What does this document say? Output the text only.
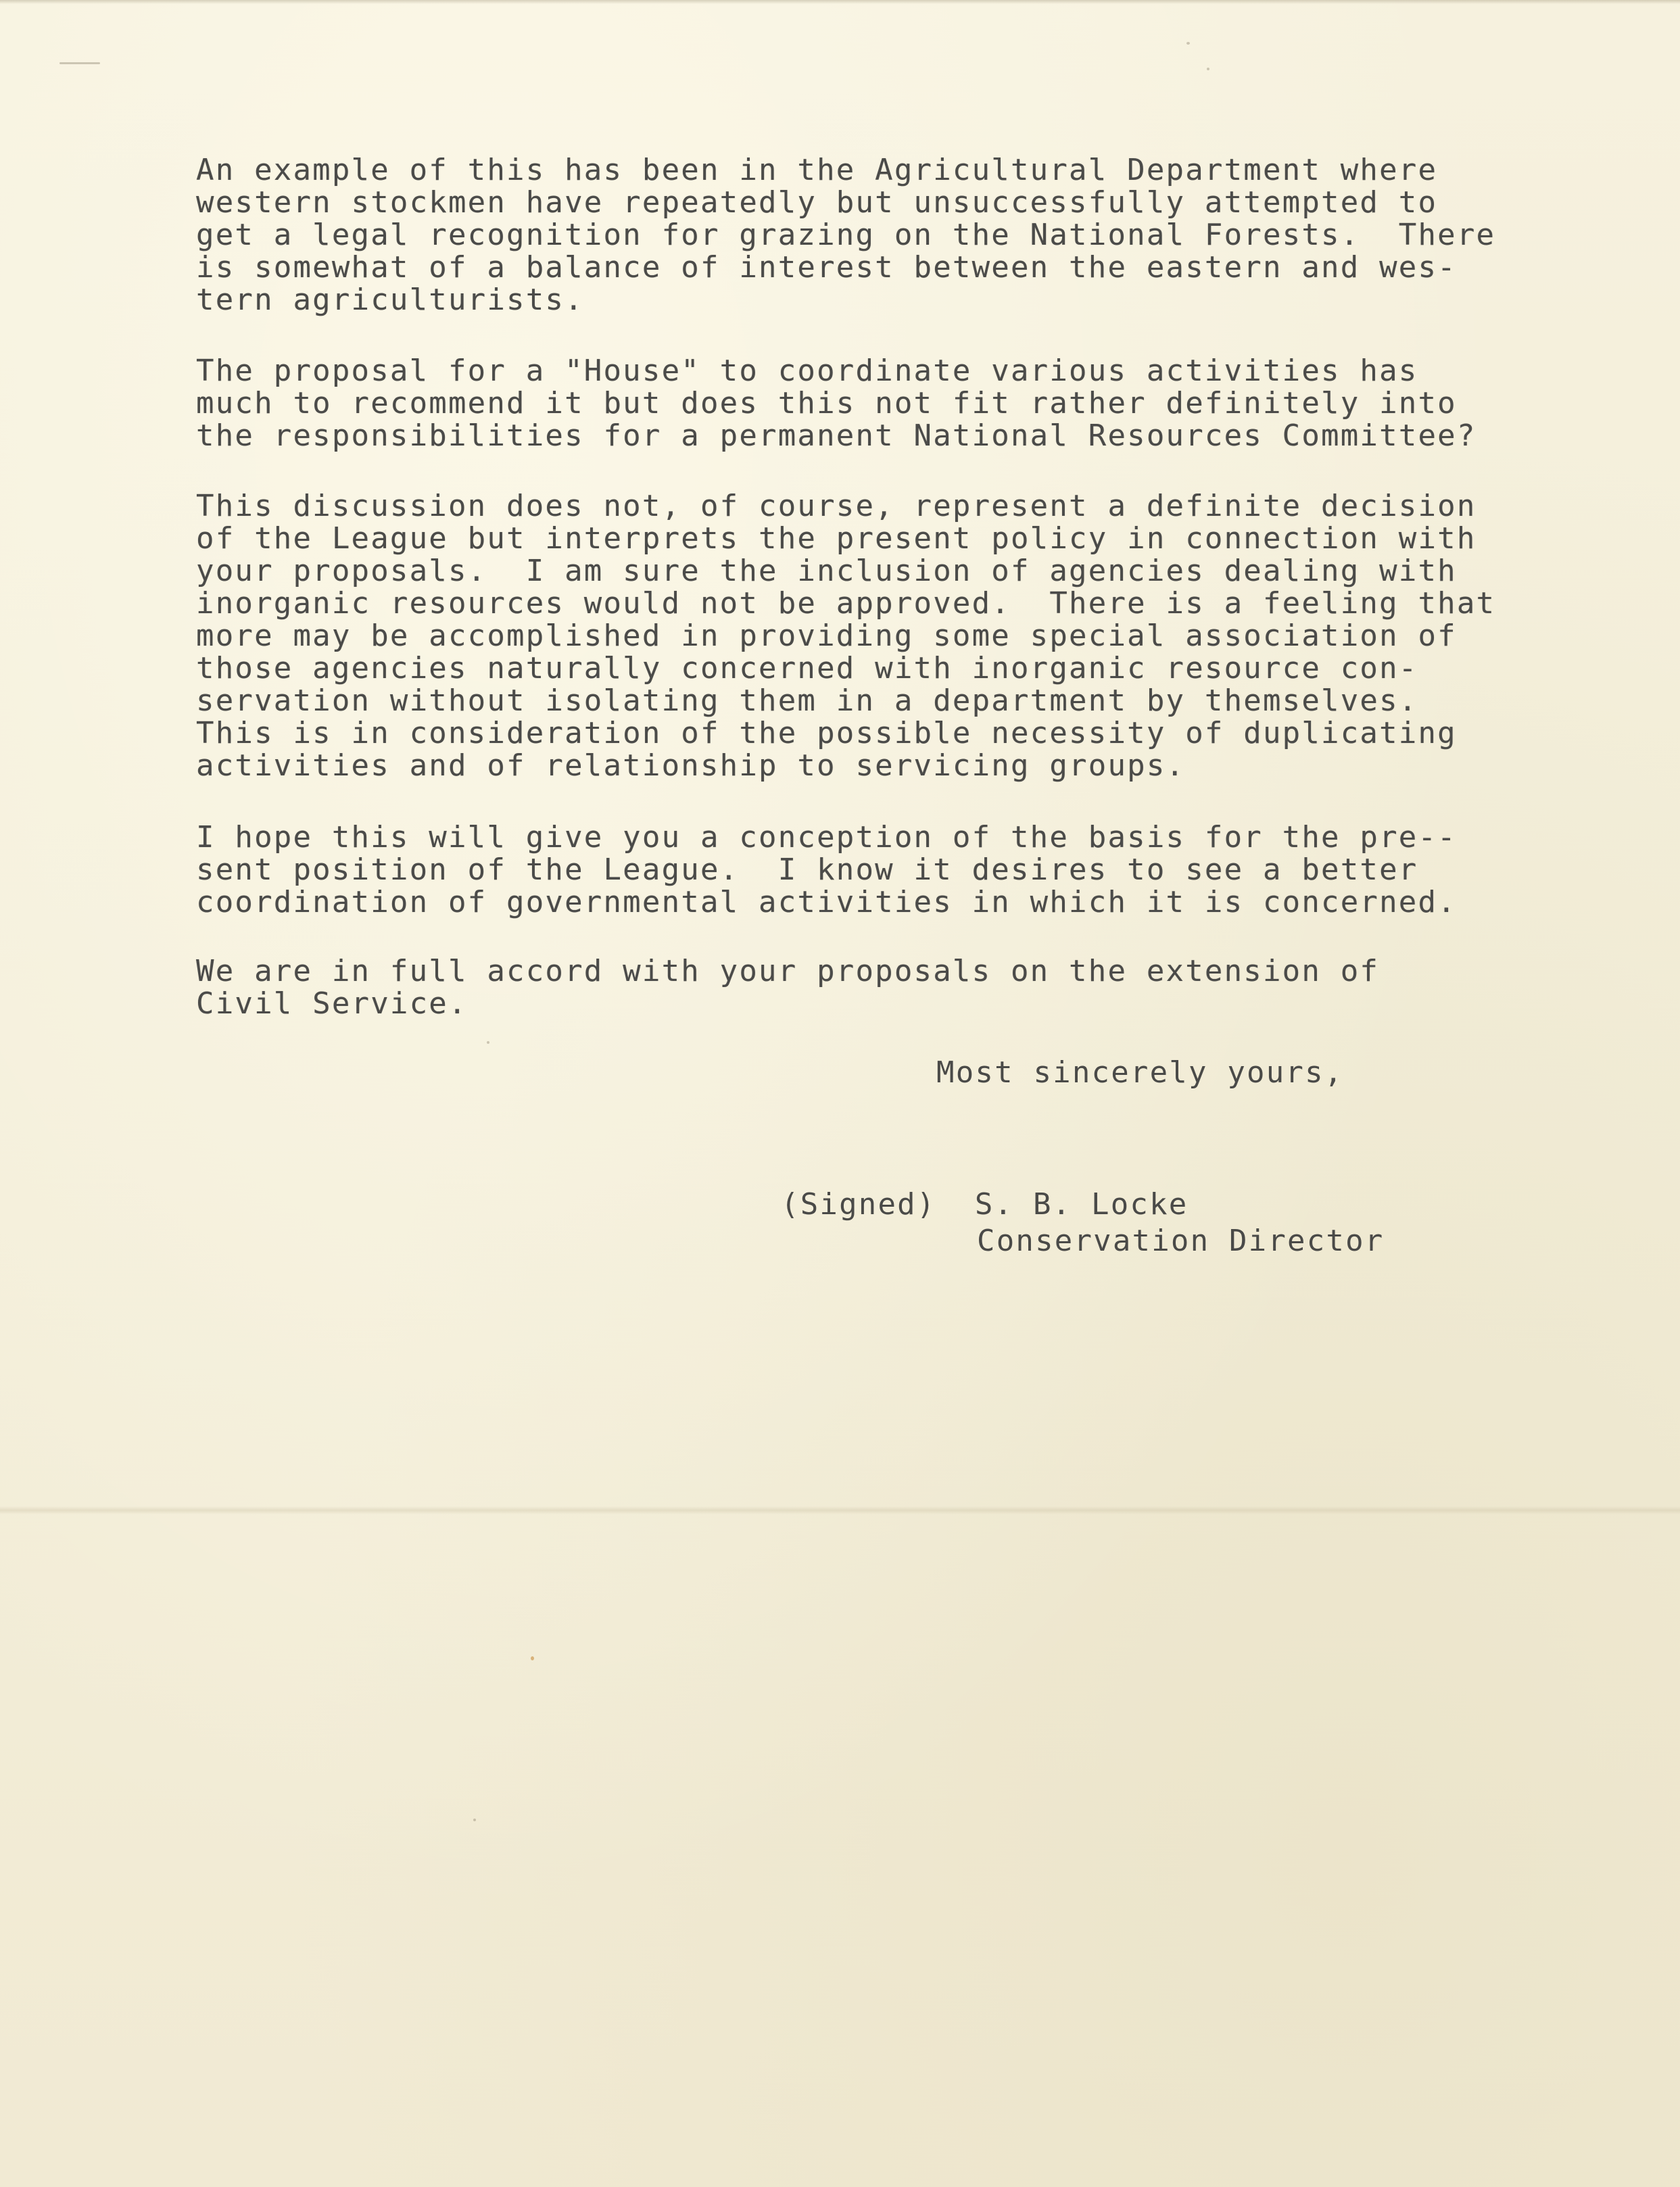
An example of this has been in the Agricultural Department where
western stockmen have repeatedly but unsuccessfully attempted to
get a legal recognition for grazing on the National Forests.  There
is somewhat of a balance of interest between the eastern and wes-
tern agriculturists.
The proposal for a "House" to coordinate various activities has
much to recommend it but does this not fit rather definitely into
the responsibilities for a permanent National Resources Committee?
This discussion does not, of course, represent a definite decision
of the League but interprets the present policy in connection with
your proposals.  I am sure the inclusion of agencies dealing with
inorganic resources would not be approved.  There is a feeling that
more may be accomplished in providing some special association of
those agencies naturally concerned with inorganic resource con-
servation without isolating them in a department by themselves.
This is in consideration of the possible necessity of duplicating
activities and of relationship to servicing groups.
I hope this will give you a conception of the basis for the pre--
sent position of the League.  I know it desires to see a better
coordination of governmental activities in which it is concerned.
We are in full accord with your proposals on the extension of
Civil Service.

Most sincerely yours,

(Signed)  S. B. Locke

Conservation Director
